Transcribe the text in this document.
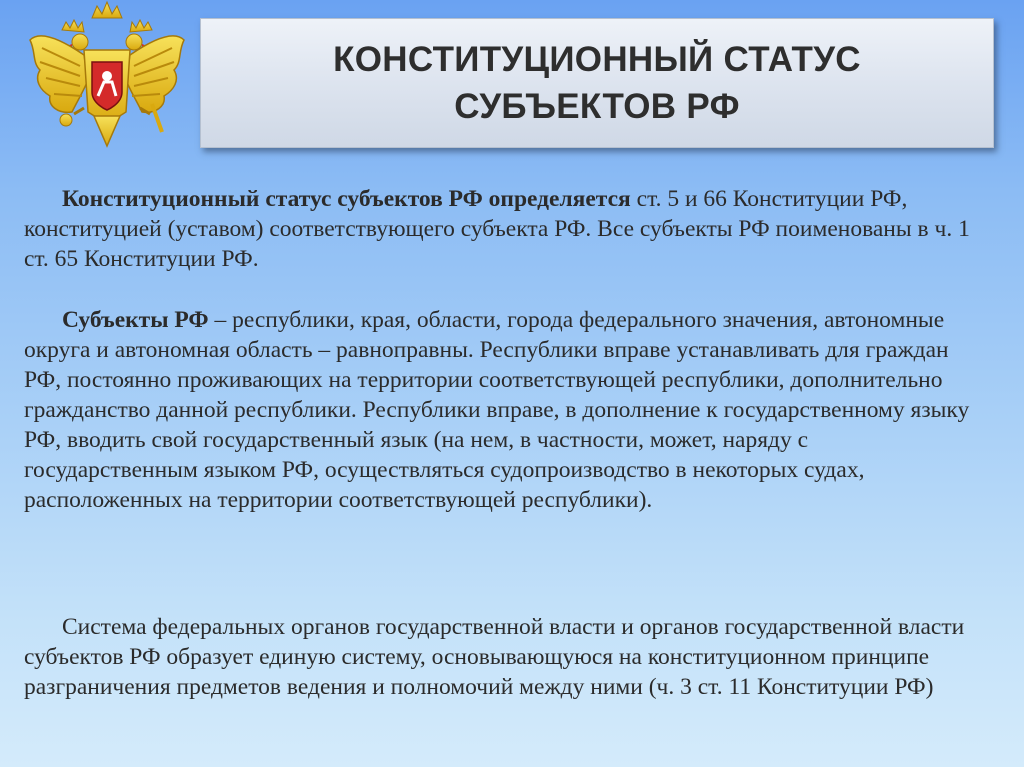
КОНСТИТУЦИОННЫЙ СТАТУС
СУБЪЕКТОВ РФ
Конституционный статус субъектов РФ определяется ст. 5 и 66 Конституции РФ, конституцией (уставом) соответствующего субъекта РФ. Все субъекты РФ поименованы в ч. 1 ст. 65 Конституции РФ.
Субъекты РФ – республики, края, области, города федерального значения, автономные округа и автономная область – равноправны. Республики вправе устанавливать для граждан РФ, постоянно проживающих на территории соответствующей республики, дополнительно гражданство данной республики. Республики вправе, в дополнение к государственному языку РФ, вводить свой государственный язык (на нем, в частности, может, наряду с государственным языком РФ, осуществляться судопроизводство в некоторых судах, расположенных на территории соответствующей республики).
Система федеральных органов государственной власти и органов государственной власти субъектов РФ образует единую систему, основывающуюся на конституционном принципе разграничения предметов ведения и полномочий между ними (ч. 3 ст. 11 Конституции РФ)
